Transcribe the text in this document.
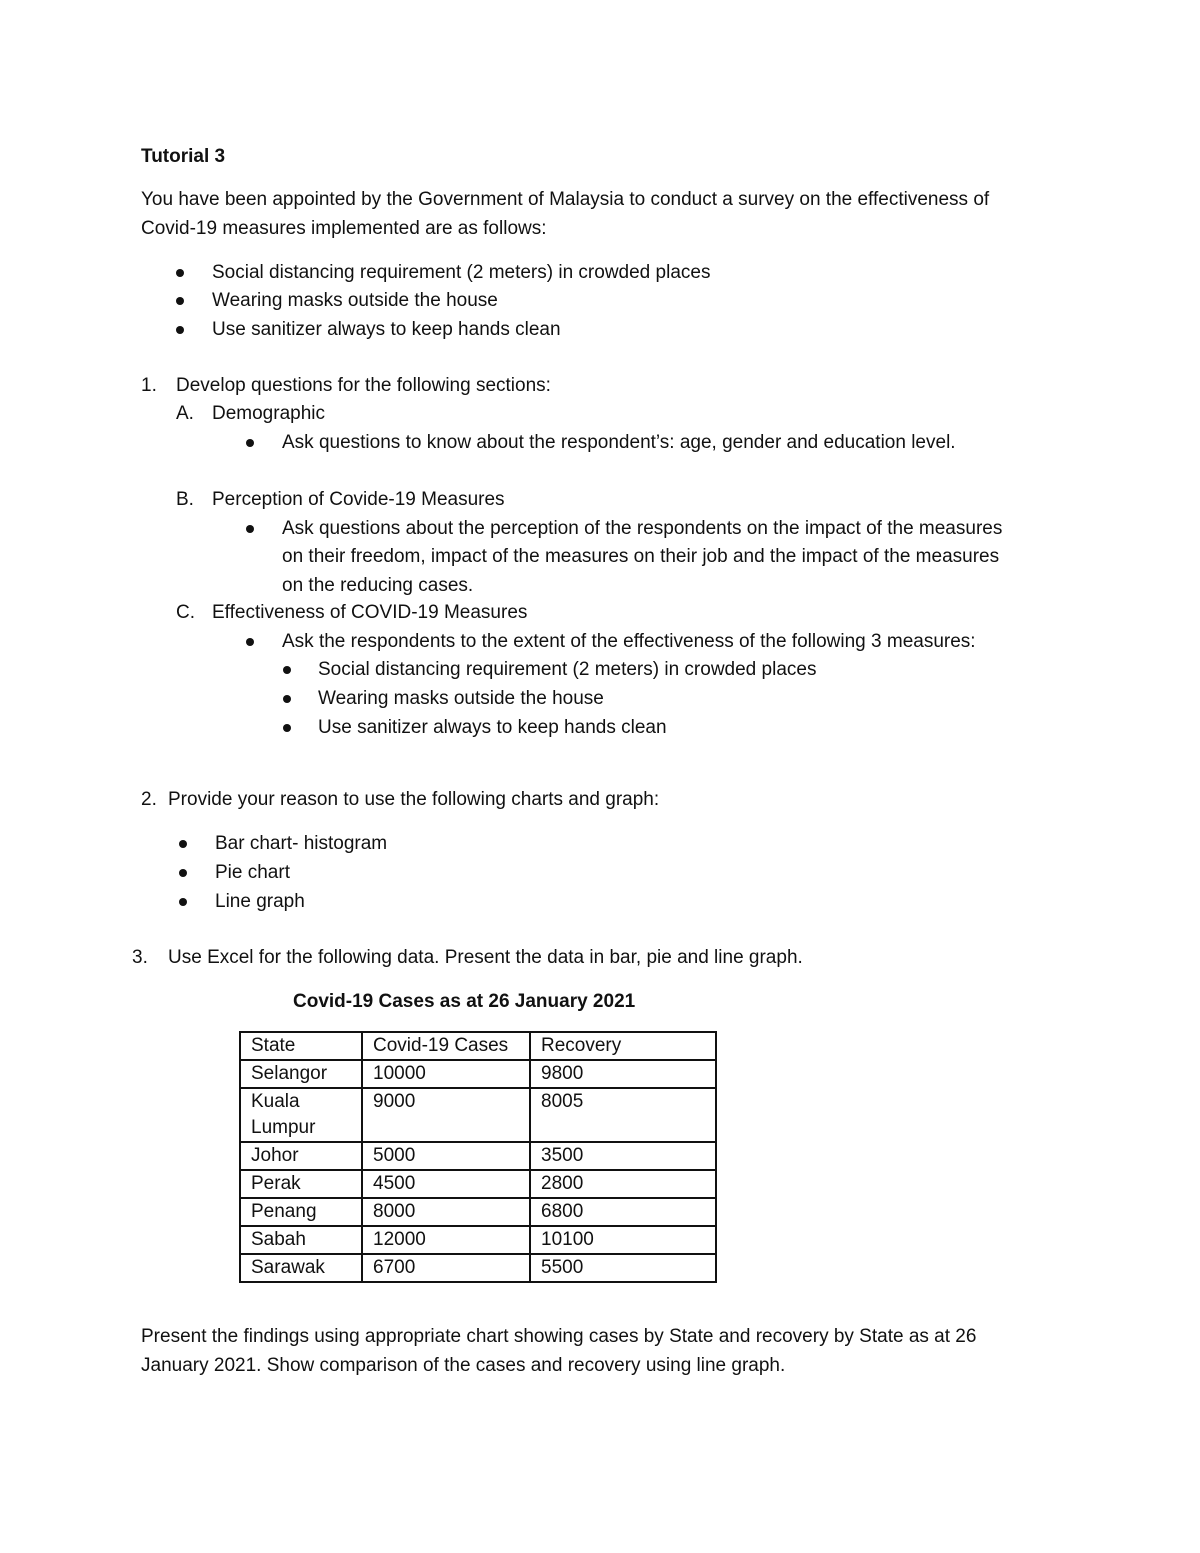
Tutorial 3
You have been appointed by the Government of Malaysia to conduct a survey on the effectiveness of
Covid-19 measures implemented are as follows:
Social distancing requirement (2 meters) in crowded places
Wearing masks outside the house
Use sanitizer always to keep hands clean
1. Develop questions for the following sections:
A. Demographic
Ask questions to know about the respondent’s: age, gender and education level.
B. Perception of Covide-19 Measures
Ask questions about the perception of the respondents on the impact of the measures
on their freedom, impact of the measures on their job and the impact of the measures
on the reducing cases.
C. Effectiveness of COVID-19 Measures
Ask the respondents to the extent of the effectiveness of the following 3 measures:
Social distancing requirement (2 meters) in crowded places
Wearing masks outside the house
Use sanitizer always to keep hands clean
2. Provide your reason to use the following charts and graph:
Bar chart- histogram
Pie chart
Line graph
3. Use Excel for the following data. Present the data in bar, pie and line graph.
Covid-19 Cases as at 26 January 2021
State	Covid-19 Cases	Recovery
Selangor	10000	9800

Kuala
Lumpur	9000	8005
Johor	5000	3500
Perak	4500	2800
Penang	8000	6800
Sabah	12000	10100
Sarawak	6700	5500
Present the findings using appropriate chart showing cases by State and recovery by State as at 26
January 2021. Show comparison of the cases and recovery using line graph.
